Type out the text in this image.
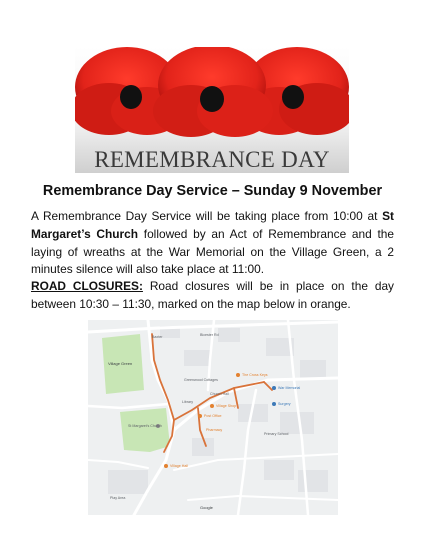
REMEMBRANCE DAY
Remembrance Day Service – Sunday 9 November
A Remembrance Day Service will be taking place from 10:00 at St Margaret’s Church followed by an Act of Remembrance and the laying of wreaths at the War Memorial on the Village Green, a 2 minutes silence will also take place at 11:00.
ROAD CLOSURES: Road closures will be in place on the day between 10:30 – 11:30, marked on the map below in orange.
Baxter	Bicester Rd
Village Green
The Cross Keys
Greenwood Cottages
War Memorial
St Margaret's Church
Church Hall
Post Office
Village Shop
Library
Primary School
Village Hall
Surgery
Pharmacy
Play Area
Google
